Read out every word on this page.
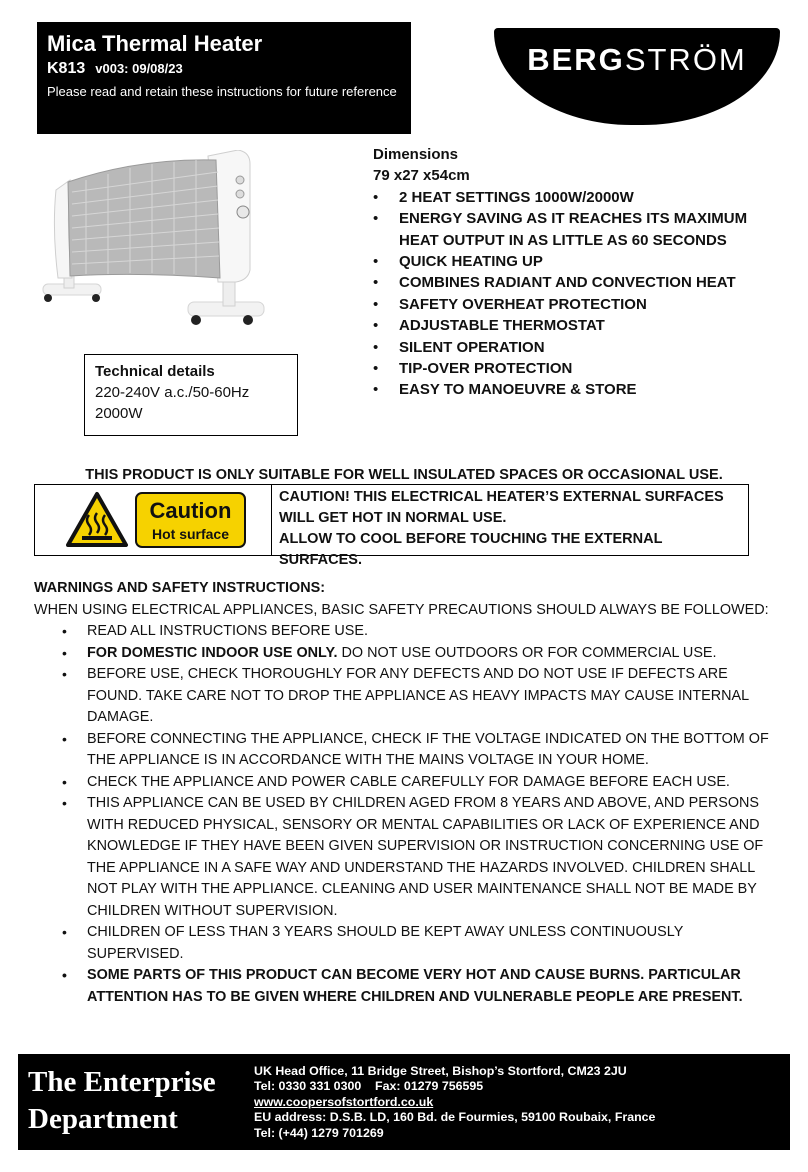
Mica Thermal Heater
K813 v003: 09/08/23
Please read and retain these instructions for future reference
BERGSTRÖM
Technical details
220-240V a.c./50-60Hz
2000W
Dimensions
79 x27 x54cm
• 2 HEAT SETTINGS 1000W/2000W
• ENERGY SAVING AS IT REACHES ITS MAXIMUM HEAT OUTPUT IN AS LITTLE AS 60 SECONDS
• QUICK HEATING UP
• COMBINES RADIANT AND CONVECTION HEAT
• SAFETY OVERHEAT PROTECTION
• ADJUSTABLE THERMOSTAT
• SILENT OPERATION
• TIP-OVER PROTECTION
• EASY TO MANOEUVRE & STORE
THIS PRODUCT IS ONLY SUITABLE FOR WELL INSULATED SPACES OR OCCASIONAL USE.
Caution
Hot surface
CAUTION! THIS ELECTRICAL HEATER’S EXTERNAL SURFACES
WILL GET HOT IN NORMAL USE.
ALLOW TO COOL BEFORE TOUCHING THE EXTERNAL SURFACES.
WARNINGS AND SAFETY INSTRUCTIONS:
WHEN USING ELECTRICAL APPLIANCES, BASIC SAFETY PRECAUTIONS SHOULD ALWAYS BE FOLLOWED:
• READ ALL INSTRUCTIONS BEFORE USE.
• FOR DOMESTIC INDOOR USE ONLY. DO NOT USE OUTDOORS OR FOR COMMERCIAL USE.
• BEFORE USE, CHECK THOROUGHLY FOR ANY DEFECTS AND DO NOT USE IF DEFECTS ARE FOUND. TAKE CARE NOT TO DROP THE APPLIANCE AS HEAVY IMPACTS MAY CAUSE INTERNAL DAMAGE.
• BEFORE CONNECTING THE APPLIANCE, CHECK IF THE VOLTAGE INDICATED ON THE BOTTOM OF THE APPLIANCE IS IN ACCORDANCE WITH THE MAINS VOLTAGE IN YOUR HOME.
• CHECK THE APPLIANCE AND POWER CABLE CAREFULLY FOR DAMAGE BEFORE EACH USE.
• THIS APPLIANCE CAN BE USED BY CHILDREN AGED FROM 8 YEARS AND ABOVE, AND PERSONS WITH REDUCED PHYSICAL, SENSORY OR MENTAL CAPABILITIES OR LACK OF EXPERIENCE AND KNOWLEDGE IF THEY HAVE BEEN GIVEN SUPERVISION OR INSTRUCTION CONCERNING USE OF THE APPLIANCE IN A SAFE WAY AND UNDERSTAND THE HAZARDS INVOLVED. CHILDREN SHALL NOT PLAY WITH THE APPLIANCE. CLEANING AND USER MAINTENANCE SHALL NOT BE MADE BY CHILDREN WITHOUT SUPERVISION.
• CHILDREN OF LESS THAN 3 YEARS SHOULD BE KEPT AWAY UNLESS CONTINUOUSLY SUPERVISED.
• SOME PARTS OF THIS PRODUCT CAN BECOME VERY HOT AND CAUSE BURNS. PARTICULAR ATTENTION HAS TO BE GIVEN WHERE CHILDREN AND VULNERABLE PEOPLE ARE PRESENT.
The Enterprise
Department
UK Head Office, 11 Bridge Street, Bishop’s Stortford, CM23 2JU
Tel: 0330 331 0300    Fax: 01279 756595
www.coopersofstortford.co.uk
EU address: D.S.B. LD, 160 Bd. de Fourmies, 59100 Roubaix, France
Tel: (+44) 1279 701269
